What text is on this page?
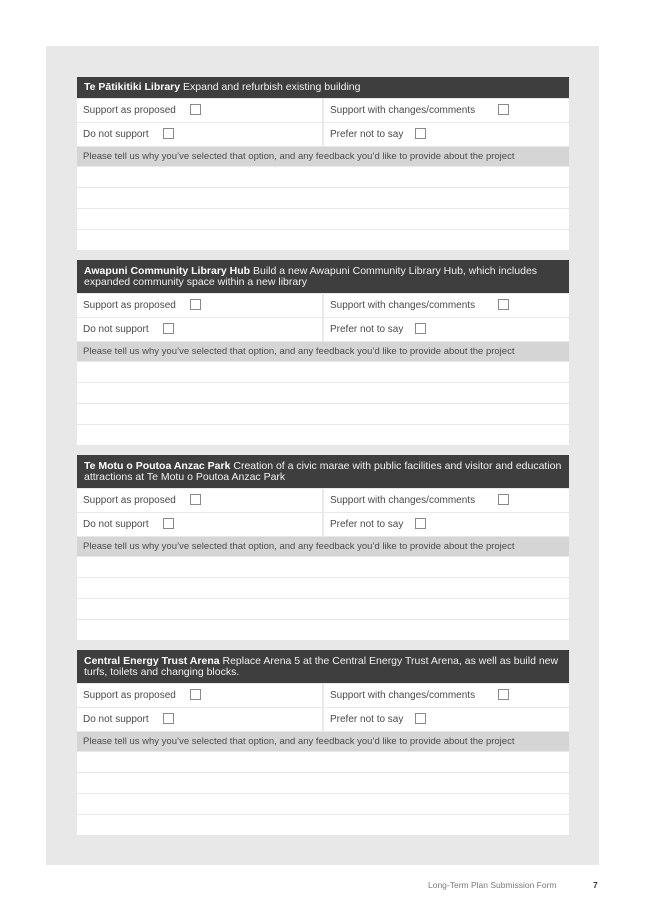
Te Pātikitiki Library Expand and refurbish existing building
Support as proposed	Support with changes/comments
Do not support	Prefer not to say
Please tell us why you’ve selected that option, and any feedback you’d like to provide about the project
Awapuni Community Library Hub Build a new Awapuni Community Library Hub, which includes expanded community space within a new library
Support as proposed	Support with changes/comments
Do not support	Prefer not to say
Please tell us why you’ve selected that option, and any feedback you’d like to provide about the project
Te Motu o Poutoa Anzac Park Creation of a civic marae with public facilities and visitor and education attractions at Te Motu o Poutoa Anzac Park
Support as proposed	Support with changes/comments
Do not support	Prefer not to say
Please tell us why you’ve selected that option, and any feedback you’d like to provide about the project
Central Energy Trust Arena Replace Arena 5 at the Central Energy Trust Arena, as well as build new turfs, toilets and changing blocks.
Support as proposed	Support with changes/comments
Do not support	Prefer not to say
Please tell us why you’ve selected that option, and any feedback you’d like to provide about the project
Long-Term Plan Submission Form	7
